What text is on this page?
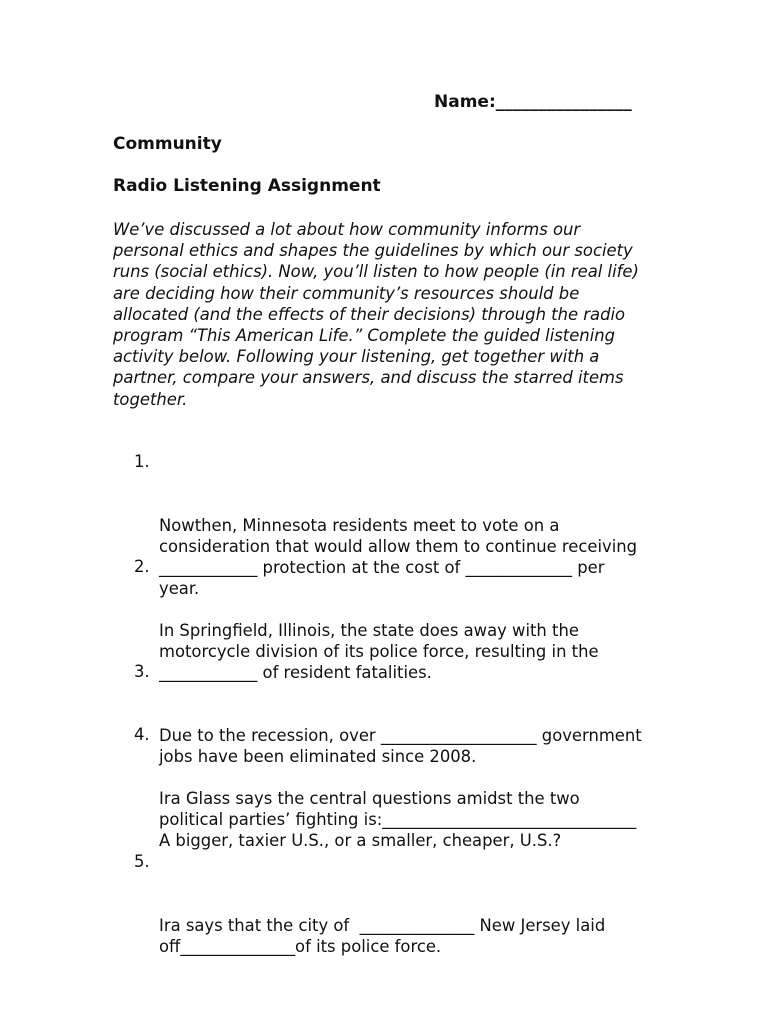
Name:________________
Community
Radio Listening Assignment
We’ve discussed a lot about how community informs our personal ethics and shapes the guidelines by which our society runs (social ethics). Now, you’ll listen to how people (in real life) are deciding how their community’s resources should be allocated (and the effects of their decisions) through the radio program “This American Life.” Complete the guided listening activity below. Following your listening, get together with a partner, compare your answers, and discuss the starred items together.

1.

Nowthen, Minnesota residents meet to vote on a consideration that would allow them to continue receiving ____________ protection at the cost of _____________ per year.

2.

In Springfield, Illinois, the state does away with the motorcycle division of its police force, resulting in the ____________ of resident fatalities.

3.

Due to the recession, over ___________________ government jobs have been eliminated since 2008.

4.

Ira Glass says the central questions amidst the two political parties’ fighting is:_______________________________ A bigger, taxier U.S., or a smaller, cheaper, U.S.?

5.

Ira says that the city of  ______________ New Jersey laid off______________of its police force.
